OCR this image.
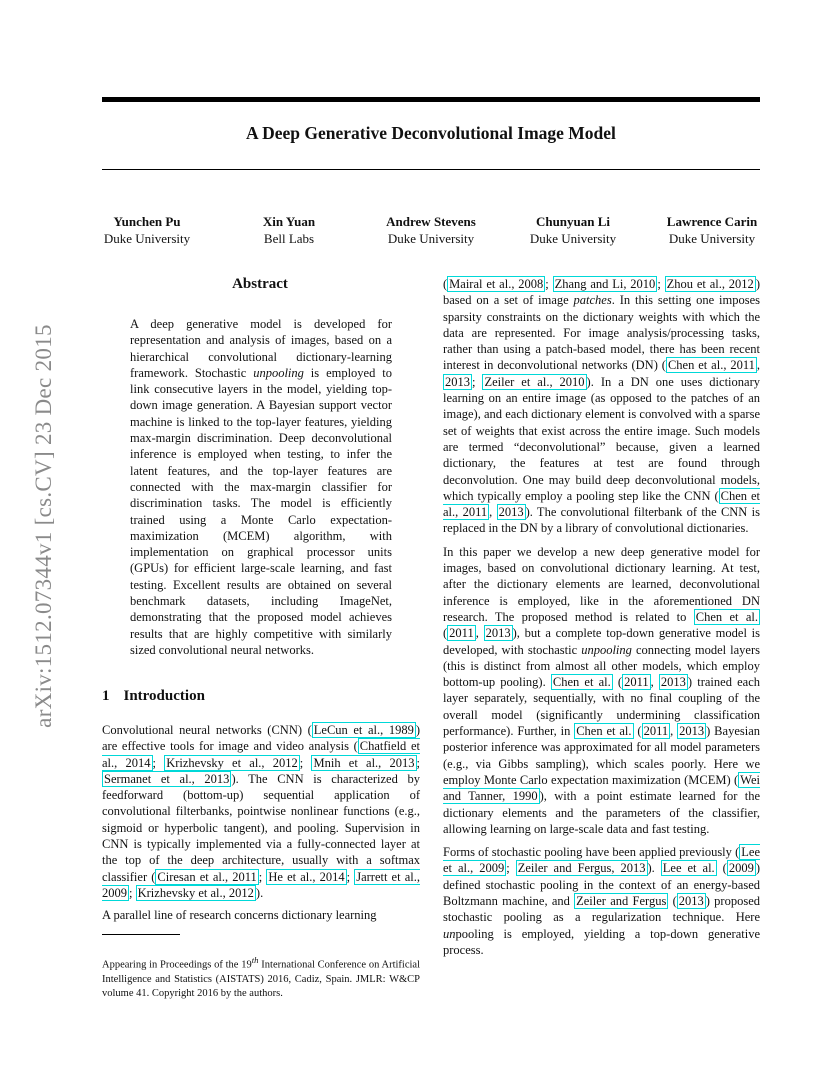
A Deep Generative Deconvolutional Image Model
Yunchen Pu
Duke University
Xin Yuan
Bell Labs
Andrew Stevens
Duke University
Chunyuan Li
Duke University
Lawrence Carin
Duke University
arXiv:1512.07344v1 [cs.CV] 23 Dec 2015
Abstract
A deep generative model is developed for representation and analysis of images, based on a hierarchical convolutional dictionary-learning framework. Stochastic unpooling is employed to link consecutive layers in the model, yielding top-down image generation. A Bayesian support vector machine is linked to the top-layer features, yielding max-margin discrimination. Deep deconvolutional inference is employed when testing, to infer the latent features, and the top-layer features are connected with the max-margin classifier for discrimination tasks. The model is efficiently trained using a Monte Carlo expectation-maximization (MCEM) algorithm, with implementation on graphical processor units (GPUs) for efficient large-scale learning, and fast testing. Excellent results are obtained on several benchmark datasets, including ImageNet, demonstrating that the proposed model achieves results that are highly competitive with similarly sized convolutional neural networks.
1 Introduction

Convolutional neural networks (CNN) ( LeCun et al., 1989 ) are effective tools for image and video analysis ( Chatfield et al., 2014 ; Krizhevsky et al., 2012 ; Mnih et al., 2013 ; Sermanet et al., 2013 ). The CNN is characterized by feedforward (bottom-up) sequential application of convolutional filterbanks, pointwise nonlinear functions (e.g., sigmoid or hyperbolic tangent), and pooling. Supervision in CNN is typically implemented via a fully-connected layer at the top of the deep architecture, usually with a softmax classifier ( Ciresan et al., 2011 ; He et al., 2014 ; Jarrett et al., 2009 ; Krizhevsky et al., 2012 ).

A parallel line of research concerns dictionary learning

Appearing in Proceedings of the 19th International Conference on Artificial Intelligence and Statistics (AISTATS) 2016, Cadiz, Spain. JMLR: W&CP volume 41. Copyright 2016 by the authors.

( Mairal et al., 2008 ; Zhang and Li, 2010 ; Zhou et al., 2012 ) based on a set of image patches. In this setting one imposes sparsity constraints on the dictionary weights with which the data are represented. For image analysis/processing tasks, rather than using a patch-based model, there has been recent interest in deconvolutional networks (DN) ( Chen et al., 2011 , 2013 ; Zeiler et al., 2010 ). In a DN one uses dictionary learning on an entire image (as opposed to the patches of an image), and each dictionary element is convolved with a sparse set of weights that exist across the entire image. Such models are termed “deconvolutional” because, given a learned dictionary, the features at test are found through deconvolution. One may build deep deconvolutional models, which typically employ a pooling step like the CNN ( Chen et al., 2011 , 2013 ). The convolutional filterbank of the CNN is replaced in the DN by a library of convolutional dictionaries.

In this paper we develop a new deep generative model for images, based on convolutional dictionary learning. At test, after the dictionary elements are learned, deconvolutional inference is employed, like in the aforementioned DN research. The proposed method is related to Chen et al. ( 2011 , 2013 ), but a complete top-down generative model is developed, with stochastic unpooling connecting model layers (this is distinct from almost all other models, which employ bottom-up pooling). Chen et al. ( 2011 , 2013 ) trained each layer separately, sequentially, with no final coupling of the overall model (significantly undermining classification performance). Further, in Chen et al. ( 2011 , 2013 ) Bayesian posterior inference was approximated for all model parameters (e.g., via Gibbs sampling), which scales poorly. Here we employ Monte Carlo expectation maximization (MCEM) ( Wei and Tanner, 1990 ), with a point estimate learned for the dictionary elements and the parameters of the classifier, allowing learning on large-scale data and fast testing.

Forms of stochastic pooling have been applied previously ( Lee et al., 2009 ; Zeiler and Fergus, 2013 ). Lee et al. ( 2009 ) defined stochastic pooling in the context of an energy-based Boltzmann machine, and Zeiler and Fergus ( 2013 ) proposed stochastic pooling as a regularization technique. Here unpooling is employed, yielding a top-down generative process.
